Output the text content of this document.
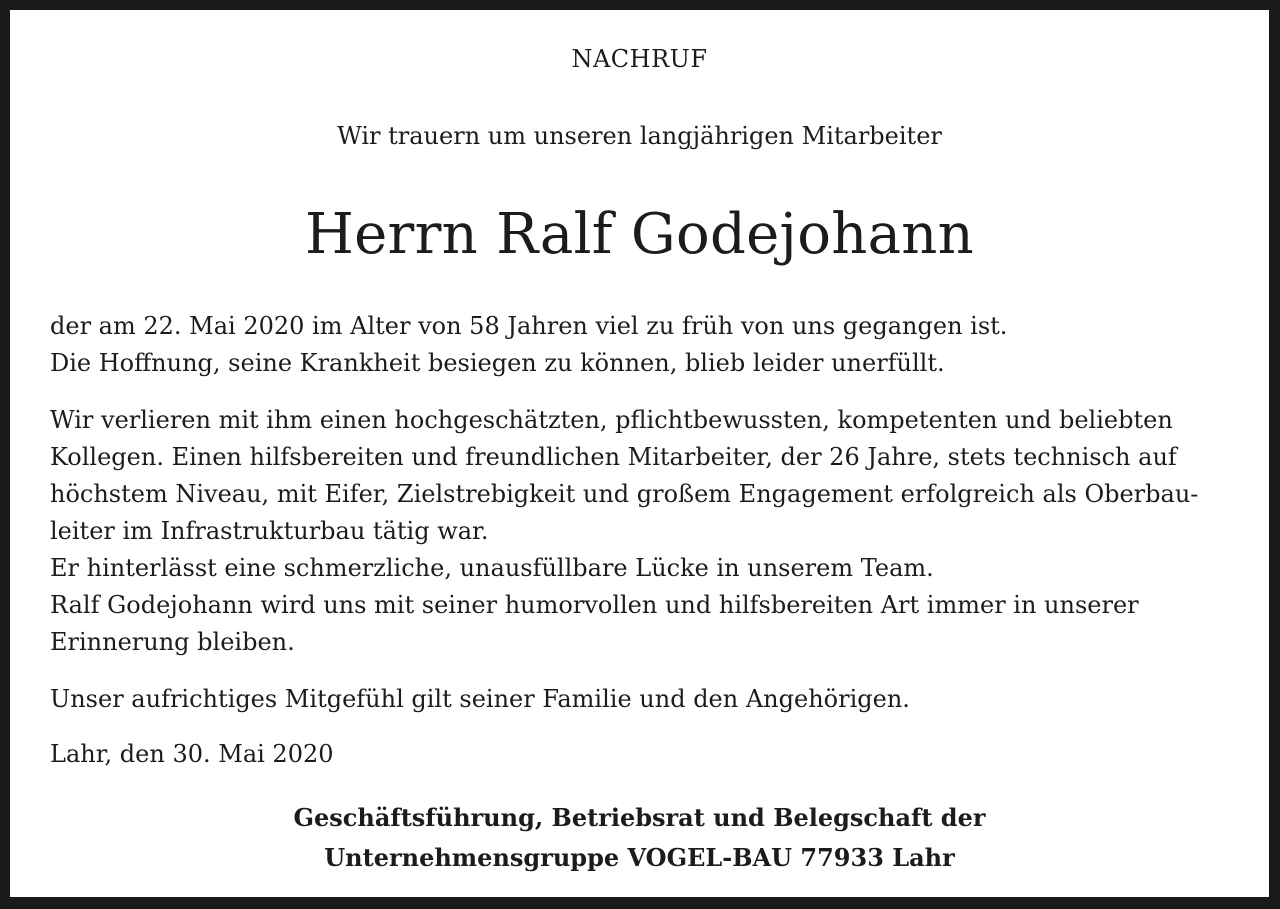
NACHRUF
Wir trauern um unseren langjährigen Mitarbeiter
Herrn Ralf Godejohann

der am 22. Mai 2020 im Alter von 58 Jahren viel zu früh von uns gegangen ist.
Die Hoffnung, seine Krankheit besiegen zu können, blieb leider unerfüllt.

Wir verlieren mit ihm einen hochgeschätzten, pflichtbewussten, kompetenten und beliebten
Kollegen. Einen hilfsbereiten und freundlichen Mitarbeiter, der 26 Jahre, stets technisch auf
höchstem Niveau, mit Eifer, Zielstrebigkeit und großem Engagement erfolgreich als Oberbau-
leiter im Infrastrukturbau tätig war.
Er hinterlässt eine schmerzliche, unausfüllbare Lücke in unserem Team.
Ralf Godejohann wird uns mit seiner humorvollen und hilfsbereiten Art immer in unserer
Erinnerung bleiben.

Unser aufrichtiges Mitgefühl gilt seiner Familie und den Angehörigen.

Lahr, den 30. Mai 2020

Geschäftsführung, Betriebsrat und Belegschaft der
Unternehmensgruppe VOGEL-BAU 77933 Lahr
